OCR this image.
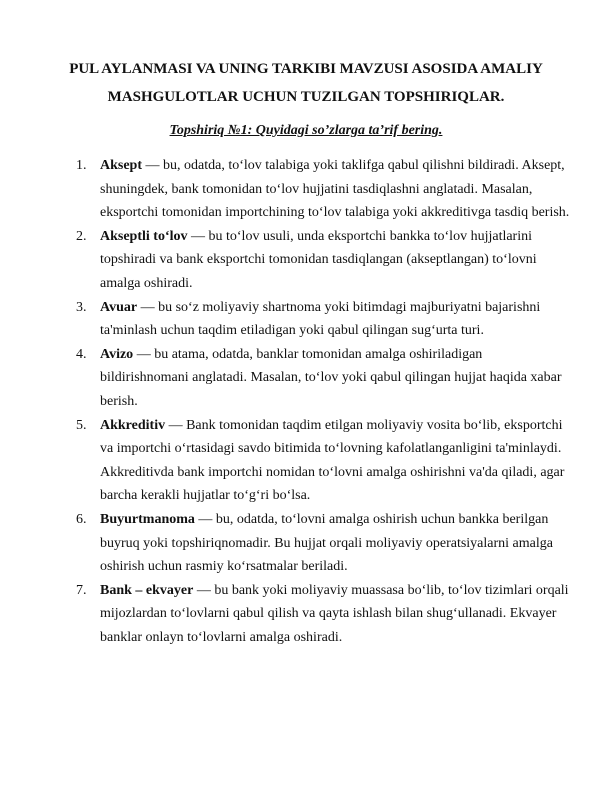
PUL AYLANMASI VA UNING TARKIBI MAVZUSI ASOSIDA AMALIY

MASHGULOTLAR UCHUN TUZILGAN TOPSHIRIQLAR.

Topshiriq №1: Quyidagi so’zlarga ta’rif bering.

1. Aksept — bu, odatda, to‘lov talabiga yoki taklifga qabul qilishni bildiradi. Aksept, shuningdek, bank tomonidan to‘lov hujjatini tasdiqlashni anglatadi. Masalan, eksportchi tomonidan importchining to‘lov talabiga yoki akkreditivga tasdiq berish.
2. Akseptli to‘lov — bu to‘lov usuli, unda eksportchi bankka to‘lov hujjatlarini topshiradi va bank eksportchi tomonidan tasdiqlangan (akseptlangan) to‘lovni amalga oshiradi.
3. Avuar — bu so‘z moliyaviy shartnoma yoki bitimdagi majburiyatni bajarishni ta'minlash uchun taqdim etiladigan yoki qabul qilingan sug‘urta turi.
4. Avizo — bu atama, odatda, banklar tomonidan amalga oshiriladigan bildirishnomani anglatadi. Masalan, to‘lov yoki qabul qilingan hujjat haqida xabar berish.
5. Akkreditiv — Bank tomonidan taqdim etilgan moliyaviy vosita bo‘lib, eksportchi va importchi o‘rtasidagi savdo bitimida to‘lovning kafolatlanganligini ta'minlaydi. Akkreditivda bank importchi nomidan to‘lovni amalga oshirishni va'da qiladi, agar barcha kerakli hujjatlar to‘g‘ri bo‘lsa.
6. Buyurtmanoma — bu, odatda, to‘lovni amalga oshirish uchun bankka berilgan buyruq yoki topshiriqnomadir. Bu hujjat orqali moliyaviy operatsiyalarni amalga oshirish uchun rasmiy ko‘rsatmalar beriladi.
7. Bank – ekvayer — bu bank yoki moliyaviy muassasa bo‘lib, to‘lov tizimlari orqali mijozlardan to‘lovlarni qabul qilish va qayta ishlash bilan shug‘ullanadi. Ekvayer banklar onlayn to‘lovlarni amalga oshiradi.
